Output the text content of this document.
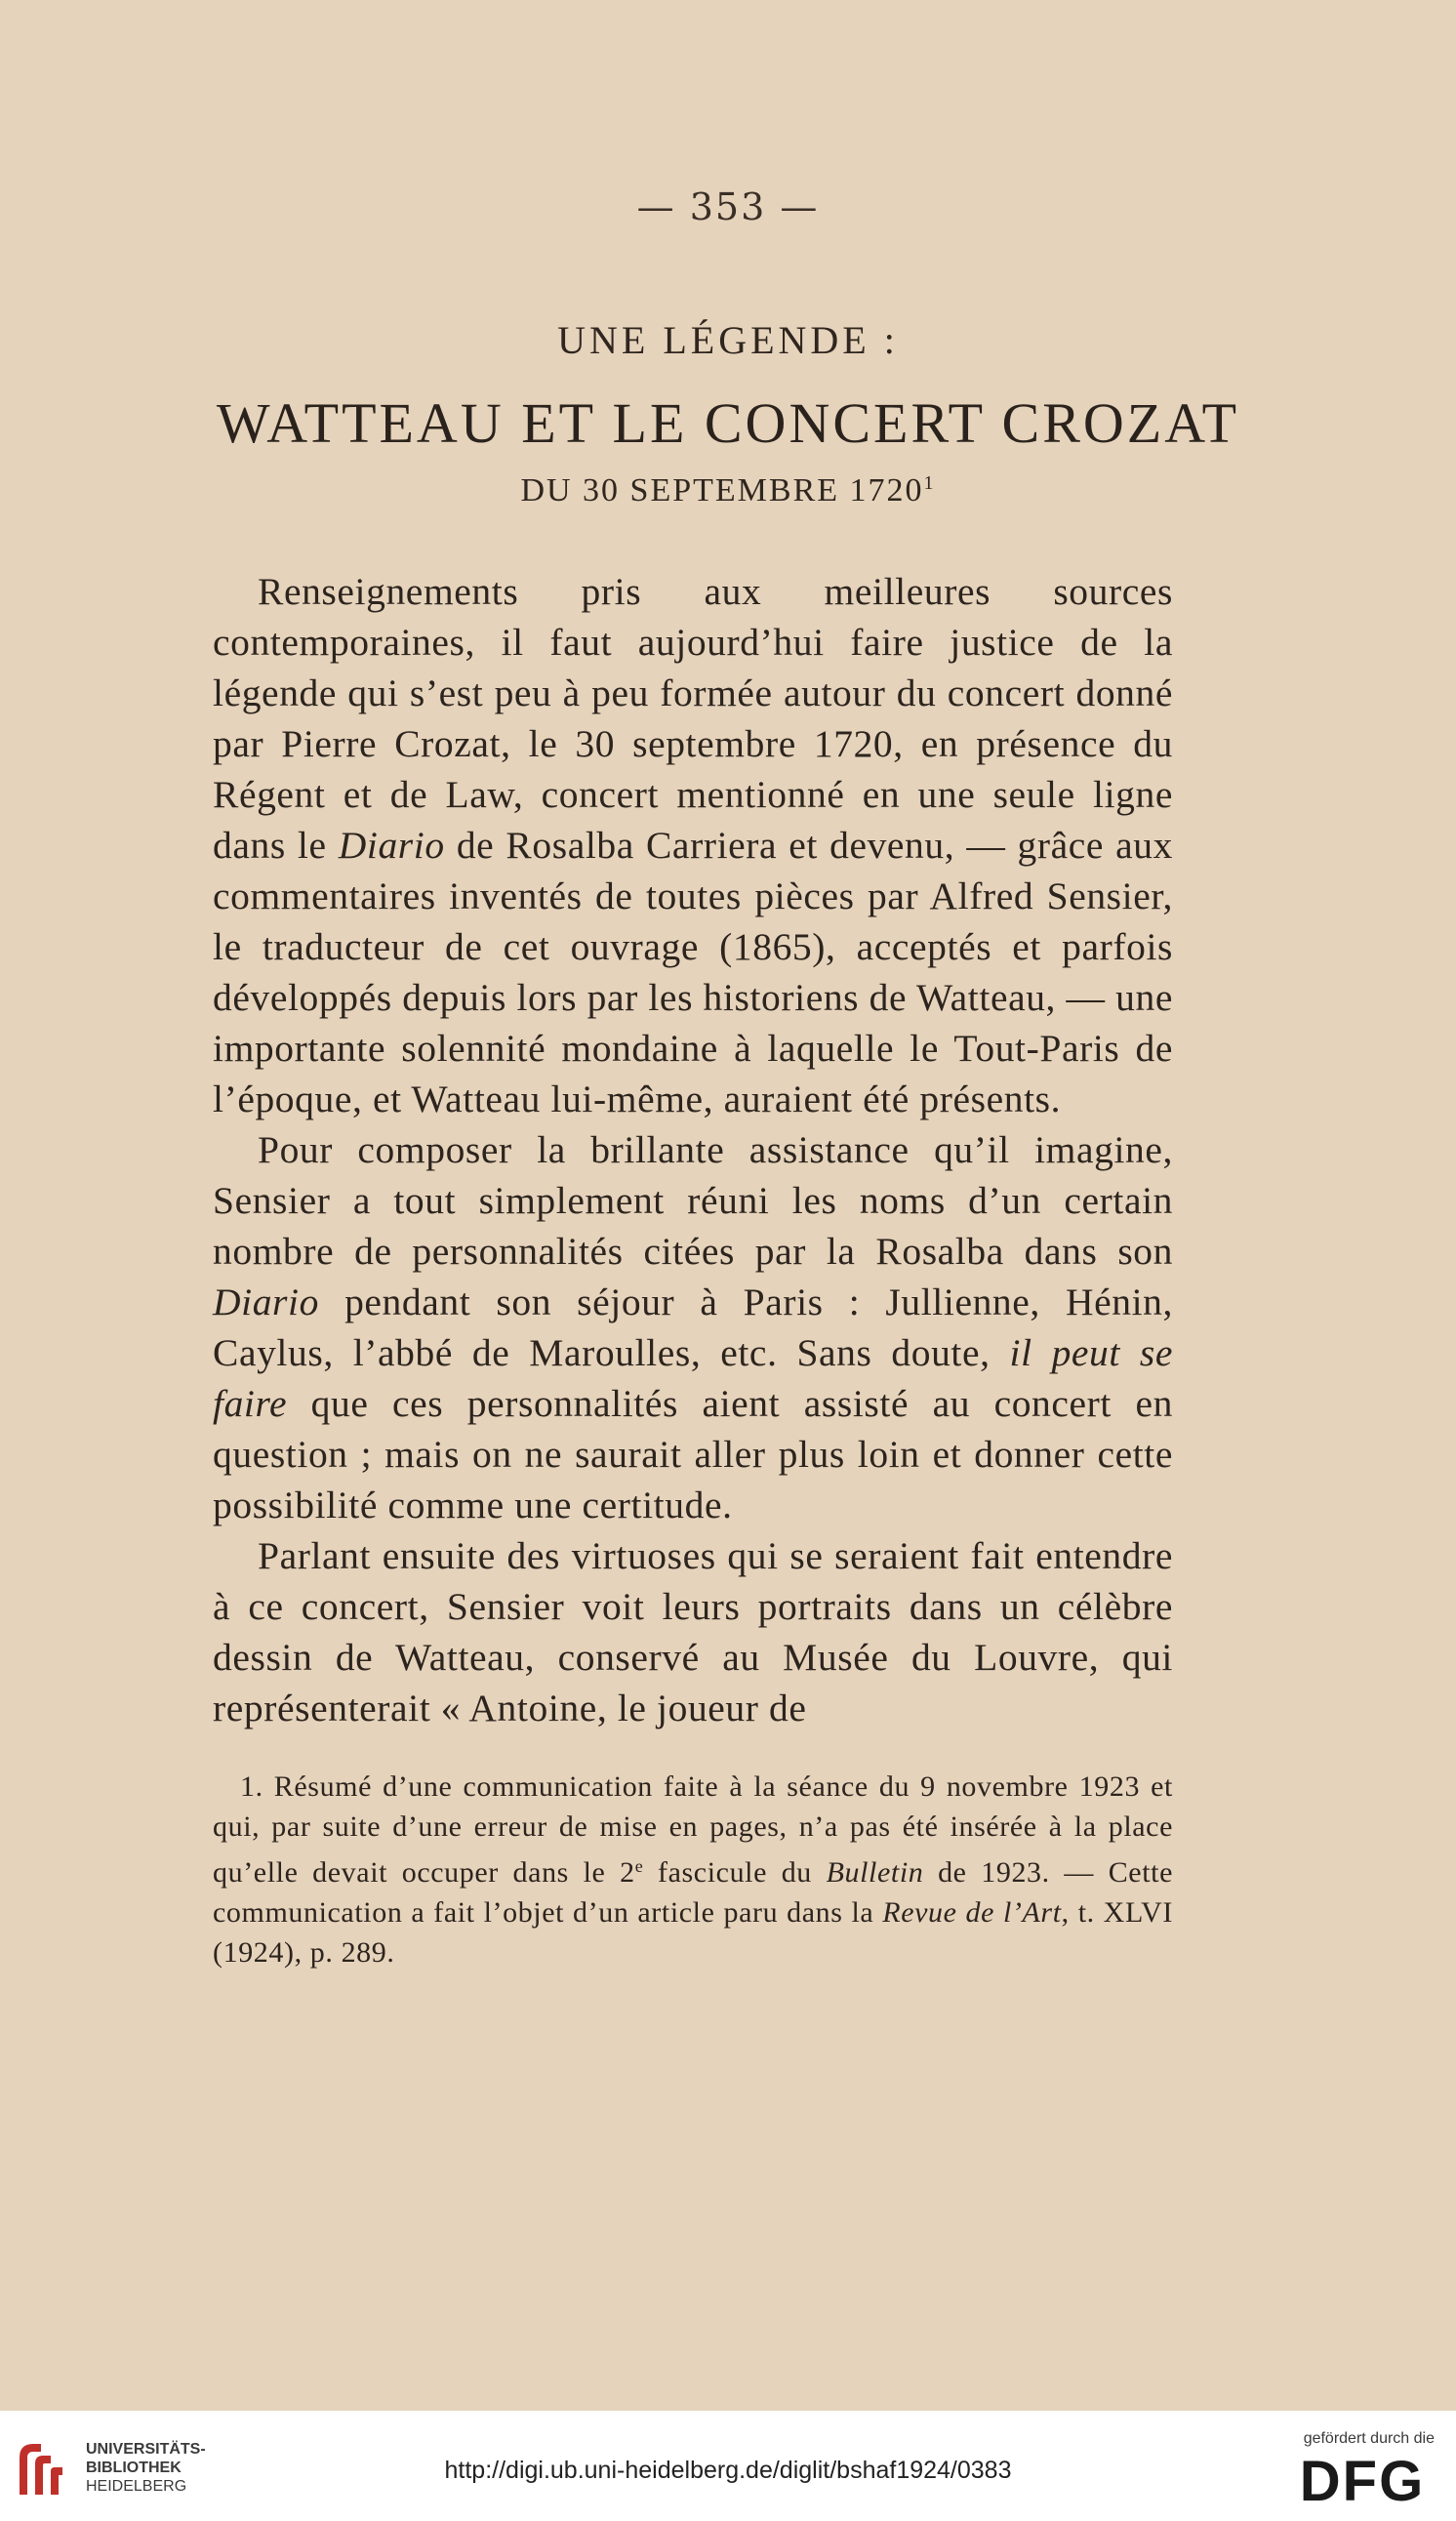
— 353 —
UNE LÉGENDE :
WATTEAU ET LE CONCERT CROZAT
DU 30 SEPTEMBRE 1720$^1$

Renseignements pris aux meilleures sources contemporaines, il faut aujourd’hui faire justice de la légende qui s’est peu à peu formée autour du concert donné par Pierre Crozat, le 30 septembre 1720, en présence du Régent et de Law, concert mentionné en une seule ligne dans le Diario de Rosalba Carriera et devenu, — grâce aux commentaires inventés de toutes pièces par Alfred Sensier, le traducteur de cet ouvrage (1865), acceptés et parfois développés depuis lors par les historiens de Watteau, — une importante solennité mondaine à laquelle le Tout-Paris de l’époque, et Watteau lui-même, auraient été présents.

Pour composer la brillante assistance qu’il imagine, Sensier a tout simplement réuni les noms d’un certain nombre de personnalités citées par la Rosalba dans son Diario pendant son séjour à Paris : Jullienne, Hénin, Caylus, l’abbé de Maroulles, etc. Sans doute, il peut se faire que ces personnalités aient assisté au concert en question ; mais on ne saurait aller plus loin et donner cette possibilité comme une certitude.

Parlant ensuite des virtuoses qui se seraient fait entendre à ce concert, Sensier voit leurs portraits dans un célèbre dessin de Watteau, conservé au Musée du Louvre, qui représenterait « Antoine, le joueur de

1. Résumé d’une communication faite à la séance du 9 novembre 1923 et qui, par suite d’une erreur de mise en pages, n’a pas été insérée à la place qu’elle devait occuper dans le 2e fascicule du Bulletin de 1923. — Cette communication a fait l’objet d’un article paru dans la Revue de l’Art, t. XLVI (1924), p. 289.

UNIVERSITÄTS-
BIBLIOTHEK
HEIDELBERG
http://digi.ub.uni-heidelberg.de/diglit/bshaf1924/0383
gefördert durch die
DFG
